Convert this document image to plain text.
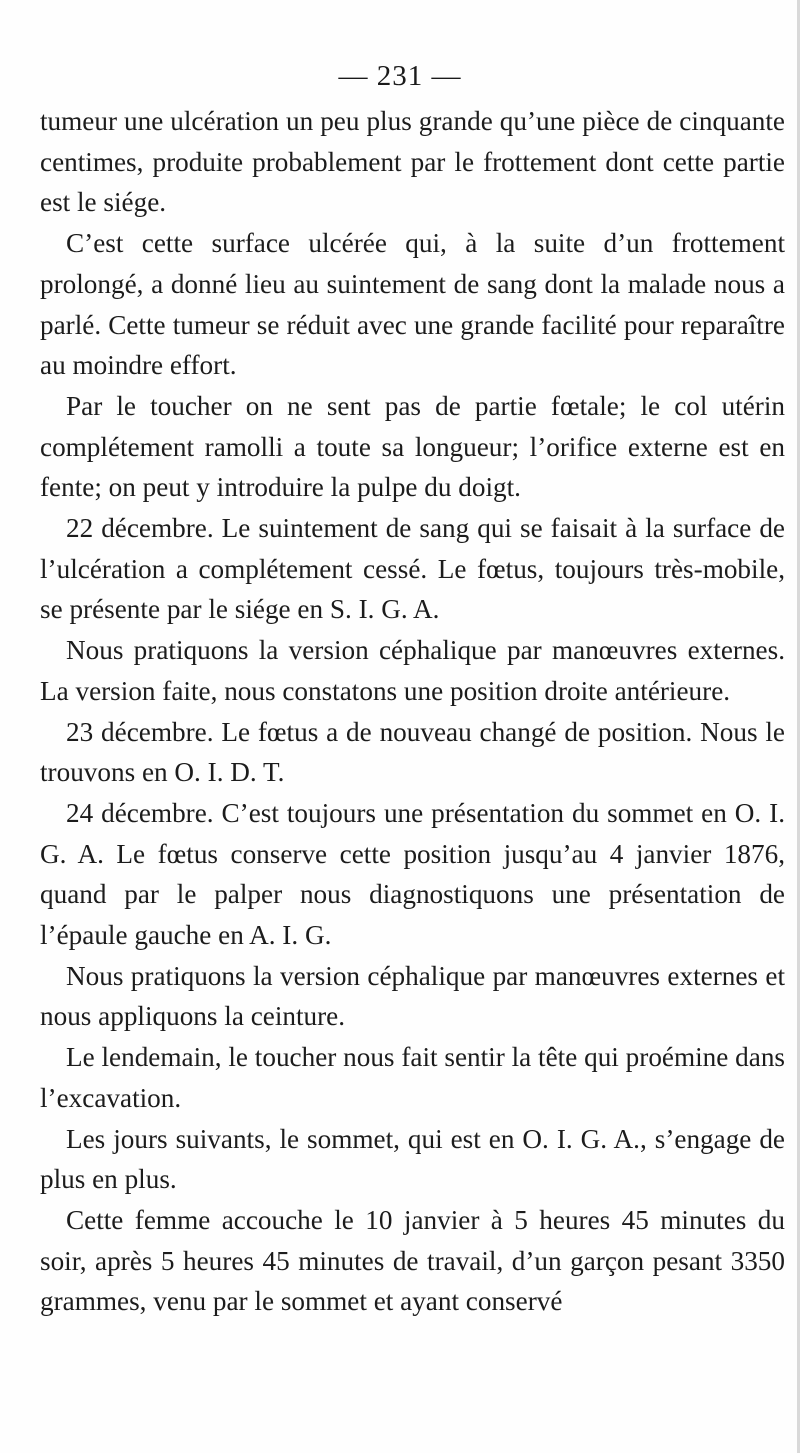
— 231 —

tumeur une ulcération un peu plus grande qu’une pièce de cinquante centimes, produite probablement par le frottement dont cette partie est le siége.

C’est cette surface ulcérée qui, à la suite d’un frottement prolongé, a donné lieu au suintement de sang dont la malade nous a parlé. Cette tumeur se réduit avec une grande facilité pour reparaître au moindre effort.

Par le toucher on ne sent pas de partie fœtale; le col utérin complétement ramolli a toute sa longueur; l’orifice externe est en fente; on peut y introduire la pulpe du doigt.

22 décembre. Le suintement de sang qui se faisait à la surface de l’ulcération a complétement cessé. Le fœtus, toujours très-mobile, se présente par le siége en S. I. G. A.

Nous pratiquons la version céphalique par manœuvres externes. La version faite, nous constatons une position droite antérieure.

23 décembre. Le fœtus a de nouveau changé de position. Nous le trouvons en O. I. D. T.

24 décembre. C’est toujours une présentation du sommet en O. I. G. A. Le fœtus conserve cette position jusqu’au 4 janvier 1876, quand par le palper nous diagnostiquons une présentation de l’épaule gauche en A. I. G.

Nous pratiquons la version céphalique par manœuvres externes et nous appliquons la ceinture.

Le lendemain, le toucher nous fait sentir la tête qui proémine dans l’excavation.

Les jours suivants, le sommet, qui est en O. I. G. A., s’engage de plus en plus.

Cette femme accouche le 10 janvier à 5 heures 45 minutes du soir, après 5 heures 45 minutes de travail, d’un garçon pesant 3350 grammes, venu par le sommet et ayant conservé
